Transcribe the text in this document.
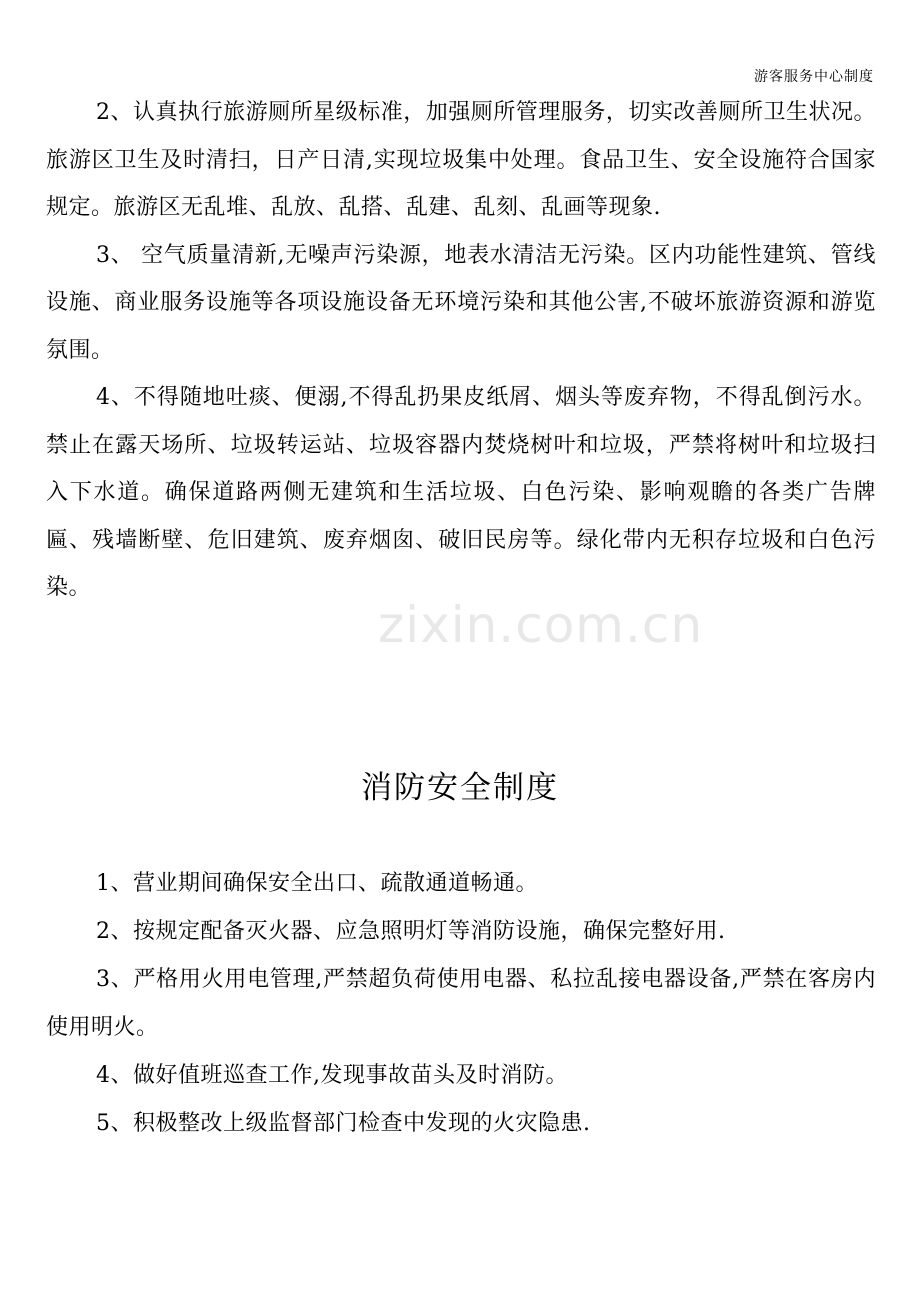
游客服务中心制度

2、认真执行旅游厕所星级标准，加强厕所管理服务，切实改善厕所卫生状况。旅游区卫生及时清扫，日产日清,实现垃圾集中处理。食品卫生、安全设施符合国家规定。旅游区无乱堆、乱放、乱搭、乱建、乱刻、乱画等现象.

3、 空气质量清新,无噪声污染源，地表水清洁无污染。区内功能性建筑、管线设施、商业服务设施等各项设施设备无环境污染和其他公害,不破坏旅游资源和游览氛围。

4、不得随地吐痰、便溺,不得乱扔果皮纸屑、烟头等废弃物，不得乱倒污水。禁止在露天场所、垃圾转运站、垃圾容器内焚烧树叶和垃圾，严禁将树叶和垃圾扫入下水道。确保道路两侧无建筑和生活垃圾、白色污染、影响观瞻的各类广告牌匾、残墙断壁、危旧建筑、废弃烟囱、破旧民房等。绿化带内无积存垃圾和白色污染。

zixin.com.cn
消防安全制度

1、营业期间确保安全出口、疏散通道畅通。

2、按规定配备灭火器、应急照明灯等消防设施，确保完整好用.

3、严格用火用电管理,严禁超负荷使用电器、私拉乱接电器设备,严禁在客房内使用明火。

4、做好值班巡查工作,发现事故苗头及时消防。

5、积极整改上级监督部门检查中发现的火灾隐患.
